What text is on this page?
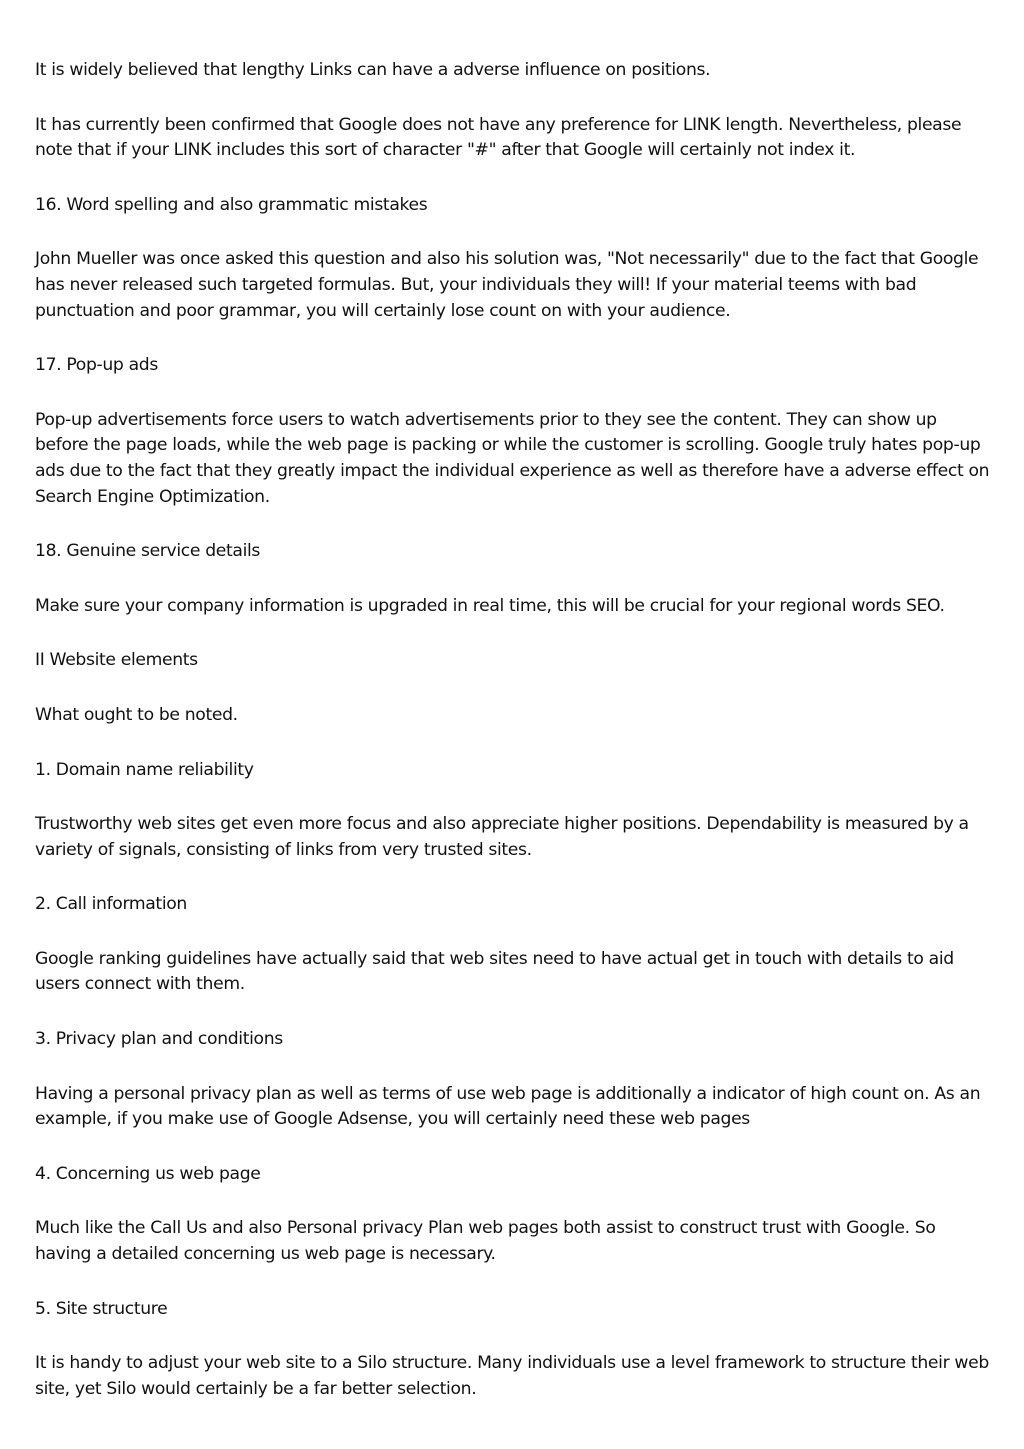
It is widely believed that lengthy Links can have a adverse influence on positions.

It has currently been confirmed that Google does not have any preference for LINK length. Nevertheless, please note that if your LINK includes this sort of character "#" after that Google will certainly not index it.

16. Word spelling and also grammatic mistakes

John Mueller was once asked this question and also his solution was, "Not necessarily" due to the fact that Google has never released such targeted formulas. But, your individuals they will! If your material teems with bad punctuation and poor grammar, you will certainly lose count on with your audience.

17. Pop-up ads

Pop-up advertisements force users to watch advertisements prior to they see the content. They can show up before the page loads, while the web page is packing or while the customer is scrolling. Google truly hates pop-up ads due to the fact that they greatly impact the individual experience as well as therefore have a adverse effect on Search Engine Optimization.

18. Genuine service details

Make sure your company information is upgraded in real time, this will be crucial for your regional words SEO.

II Website elements

What ought to be noted.

1. Domain name reliability

Trustworthy web sites get even more focus and also appreciate higher positions. Dependability is measured by a variety of signals, consisting of links from very trusted sites.

2. Call information

Google ranking guidelines have actually said that web sites need to have actual get in touch with details to aid users connect with them.

3. Privacy plan and conditions

Having a personal privacy plan as well as terms of use web page is additionally a indicator of high count on. As an example, if you make use of Google Adsense, you will certainly need these web pages

4. Concerning us web page

Much like the Call Us and also Personal privacy Plan web pages both assist to construct trust with Google. So having a detailed concerning us web page is necessary.

5. Site structure

It is handy to adjust your web site to a Silo structure. Many individuals use a level framework to structure their web site, yet Silo would certainly be a far better selection.
